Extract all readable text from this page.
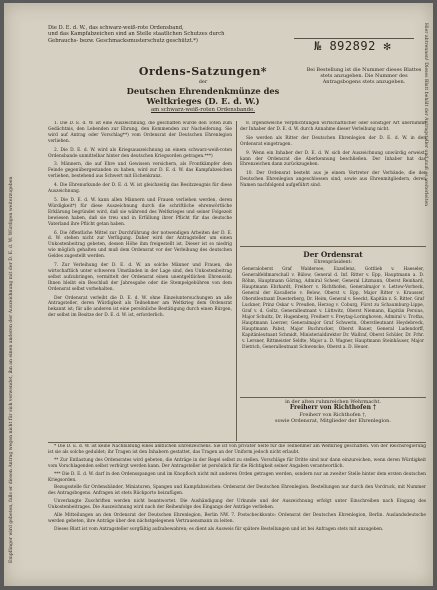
Empfänger wird gebeten, falls er diesen Antrag wegen nicht für sich verwendet, ihn an einen anderen der Auszeichnung mit der D. E. d. W. Würdigen weiterzugeben
Hier abtrennen! Dieses Blatt behält der Antragsteller und muß es weiterleiten
Die D. E. d. W., das schwarz-weiß-rote Ordensband,
und das Kampfabzeichen sind an Stelle staatlichen Schutzes durch
Gebrauchs- bezw. Geschmacksmusterschutz geschützt.*)	№ 892892 ✻
Ordens-Satzungen*
der
Deutschen Ehrendenkmünze des Weltkrieges (D. E. d. W.)
am schwarz-weiß-roten Ordensbande.
Bei Bestellung ist die Nummer dieses Blattes stets anzugeben. Die Nummer des Antragsbogens stets anzugeben.

1. Die D. E. d. W. ist eine Auszeichnung, die geschaffen wurde den Toten zum Gedächtnis, den Lebenden zur Ehrung, den Kommenden zur Nacheiferung. Sie wird auf Antrag oder Vorschlag**) vom Ordensrat der Deutschen Ehrenlegion verliehen.

2. Die D. E. d. W. wird als Kriegsauszeichnung an einem schwarz-weiß-roten Ordensbande unmittelbar hinter den deutschen Kriegsorden getragen.***)

3. Männern, die auf Ehre und Gewissen versichern, als Frontkämpfer dem Feinde gegenübergestanden zu haben, wird zur D. E. d. W. das Kampfabzeichen verliehen, bestehend aus Schwert mit Eichenkranz.

4. Die Ehrenurkunde der D. E. d. W. ist gleichzeitig das Besitzzeugnis für diese Auszeichnung.

5. Die D. E. d. W. kann allen Männern und Frauen verliehen werden, deren Würdigkeit*) für diese Auszeichnung durch die schriftliche ehrenwörtliche Erklärung begründet wird, daß sie während des Weltkrieges und seiner Folgezeit bewiesen haben, daß sie treu und in Erfüllung ihrer Pflicht für das deutsche Vaterland ihre Pflicht getan haben.

6. Die öffentliche Mittel zur Durchführung der notwendigen Arbeiten der D. E. d. W. stehen nicht zur Verfügung. Daher wird der Antragsteller um einen Unkostenbeitrag gebeten, dessen Höhe ihm freigestellt ist. Dieser ist so niedrig wie möglich gehalten und muß dem Ordensrat vor der Verleihung des deutschen Geldes zugestellt werden.

7. Zur Verleihung der D. E. d. W. an solche Männer und Frauen, die wirtschaftlich unter schweren Umständen in der Lage sind, den Unkostenbeitrag selbst aufzubringen, vermittelt der Ordensrat einen unentgeltlichen Ehrensold. Ihnen bleibt ein Beschluß der Jahresgabe oder die Stempelgebühren von dem Ordensrat selbst vorbehalten.

Der Ordensrat verleiht die D. E. d. W. ohne Einzeluntersuchungen an alle Antragsteller, deren Würdigkeit als Teilnehmer am Weltkrieg dem Ordensrat bekannt ist; für alle anderen ist eine persönliche Bestätigung durch einen Bürgen, der selbst im Besitze der D. E. d. W. ist, erforderlich.

8. Irgendwelche Verpflichtungen wirtschaftlicher oder sonstiger Art übernimmt der Inhaber der D. E. d. W. durch Annahme dieser Verleihung nicht.

Sie werden als Ritter der Deutschen Ehrenlegion der D. E. d. W. in den Ordensrat eingetragen.

9. Wenn ein Inhaber der D. E. d. W. sich der Auszeichnung unwürdig erweist, kann der Ordensrat die Aberkennung beschließen. Der Inhaber hat das Ehrenzeichen dann zurückzugeben.

10. Der Ordensrat besteht aus je einem Vertreter der Verbände, die der Deutschen Ehrenlegion angeschlossen sind, sowie aus Ehrenmitgliedern, deren Namen nachfolgend aufgeführt sind.

Der Ordensrat
Ehrenpräsident:
Generaloberst Graf Waldersee, Exzellenz, Gottlieb v. Haeseler, Generalfeldmarschall v. Bülow, General d. Inf. Ritter v. Epp, Hauptmann a. D. Röhm, Hauptmann Göring, Admiral Scheer, General Litzmann, Oberst Reinhard, Hauptmann Ehrhardt, Freiherr v. Richthofen, Generalmajor v. Lettow-Vorbeck, General der Kavallerie v. Below, Oberst v. Epp, Major Ritter v. Krausser, Oberstleutnant Duesterberg, Dr. Heim, General v. Seeckt, Kapitän z. S. Ritter, Graf Luckner, Prinz Oskar v. Preußen, Herzog v. Coburg, Fürst zu Schaumburg-Lippe, Graf v. d. Goltz, Generalleutnant v. Lüttwitz, Oberst Niemann, Kapitän Persius, Major Schultz, Dr. Hugenberg, Freiherr v. Freytag-Loringhoven, Admiral v. Trotha, Hauptmann Loerzer, Generalmajor Graf Schwerin, Oberstleutnant Heydebreck, Hauptmann Pabst, Major Buchrucker, Oberst Bauer, General Ludendorff, Kapitänleutnant Schmidt, Ministerialdirektor Dr. Wallraf, Oberst Schüler, Dr. Frhr. v. Lersner, Rittmeister Seldte, Major a. D. Wagner, Hauptmann Steinhäuser, Major Dietrich, Generalleutnant Schwencke, Oberst a. D. Heuer.
in der alten ruhmreichen Wehrmacht.
Freiherr von Richthofen †
Freiherr von Richthofen †,
sowie Ordensrat, Mitglieder der Ehrenlegion.

* Die D. E. d. W. ist keine Nachbildung eines amtlichen Ehrenzeichens. Sie ist von privater Seite für die Teilnehmer am Weltkrieg geschaffen. Von der Reichsregierung ist sie als solche geduldet; ihr Tragen ist den Inhabern gestattet, das Tragen an der Uniform jedoch nicht erlaubt.

** Zur Entlastung des Ordensrates wird gebeten, die Anträge in der Regel selbst zu stellen. Vorschläge für Dritte sind nur dann einzureichen, wenn deren Würdigkeit vom Vorschlagenden selbst verbürgt werden kann. Der Antragsteller ist persönlich für die Richtigkeit seiner Angaben verantwortlich.

*** Die D. E. d. W. darf in den Ordensspangen und im Knopfloch nicht mit anderen Orden getragen werden, sondern nur an zweiter Stelle hinter dem ersten deutschen Kriegsorden.

Bezugsstelle für Ordensbänder, Miniaturen, Spangen und Kampfabzeichen: Ordensrat der Deutschen Ehrenlegion. Bestellungen nur durch den Vordruck, mit Nummer des Antragsbogens. Anfragen ist stets Rückporto beizufügen.

Unverlangte Zuschriften werden nicht beantwortet. Die Aushändigung der Urkunde und der Auszeichnung erfolgt unter Einschreiben nach Eingang des Unkostenbeitrages. Die Auszeichnung wird nach der Reihenfolge des Eingangs der Anträge verliehen.

Alle Mitteilungen an den Ordensrat der Deutschen Ehrenlegion, Berlin NW. 7. Postscheckkonto: Ordensrat der Deutschen Ehrenlegion, Berlin. Auslandsdeutsche werden gebeten, ihre Anträge über den nächstgelegenen Vertrauensmann zu leiten.

Dieses Blatt ist vom Antragsteller sorgfältig aufzubewahren; es dient als Ausweis für spätere Bestellungen und ist bei Anfragen stets mit anzugeben.
